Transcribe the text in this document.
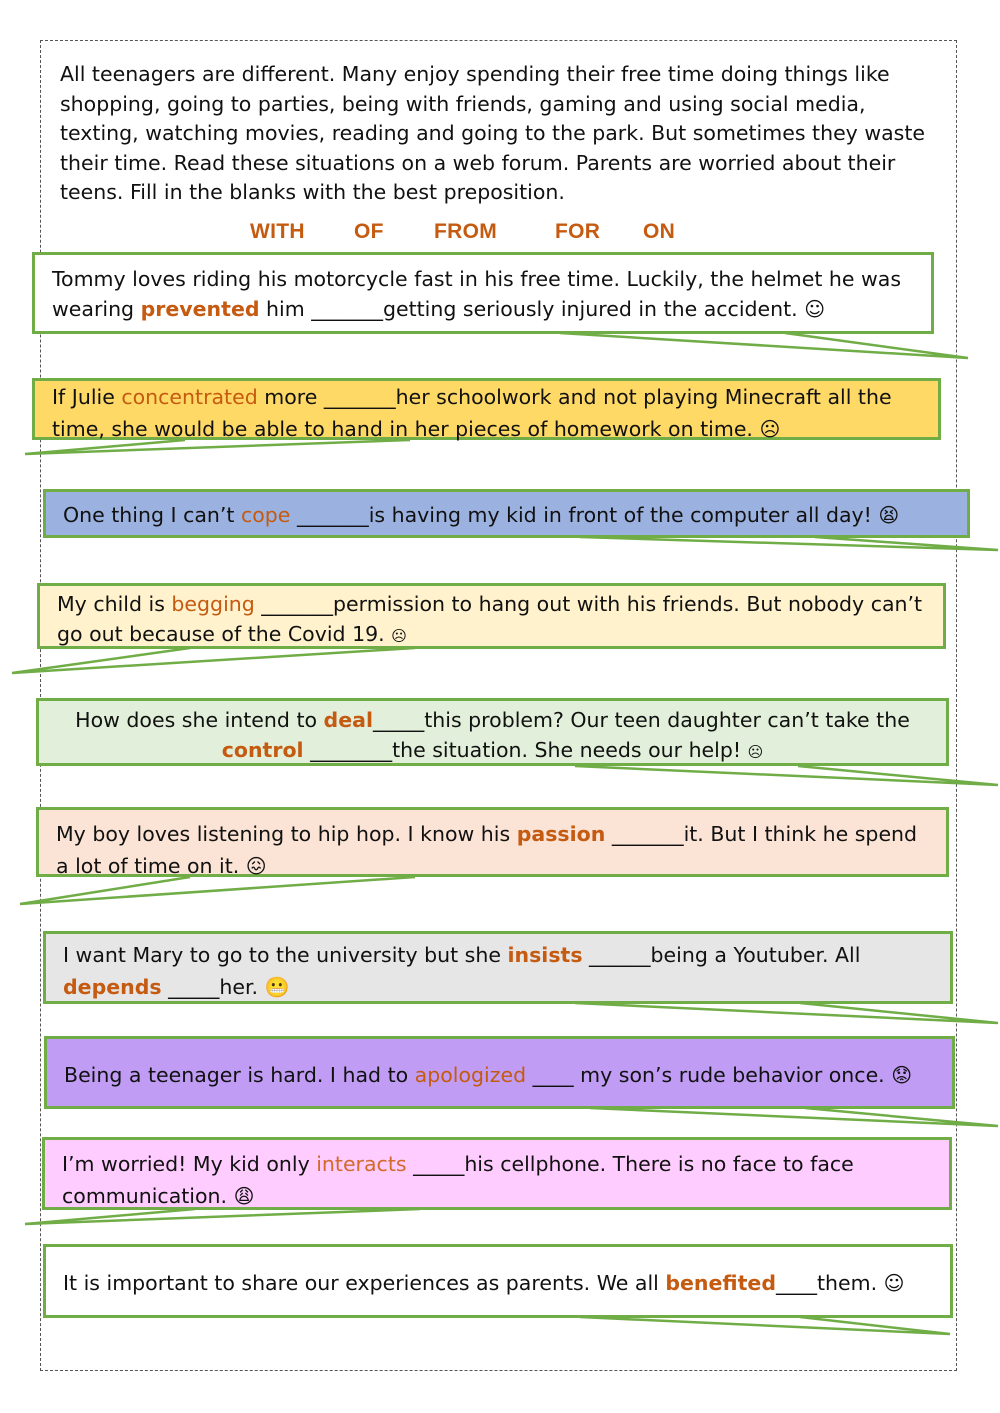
All teenagers are different. Many enjoy spending their free time doing things like shopping, going to parties, being with friends, gaming and using social media, texting, watching movies, reading and going to the park. But sometimes they waste their time. Read these situations on a web forum. Parents are worried about their teens. Fill in the blanks with the best preposition.

WITH OF FROM	FOR ON

Tommy loves riding his motorcycle fast in his free time. Luckily, the helmet he was wearing prevented him _______getting seriously injured in the accident. ☺

If Julie concentrated more _______her schoolwork and not playing Minecraft all the time, she would be able to hand in her pieces of homework on time. ☹

One thing I can’t cope _______is having my kid in front of the computer all day! 😫

My child is begging _______permission to hang out with his friends. But nobody can’t go out because of the Covid 19. ☹

How does she intend to deal_____this problem? Our teen daughter can’t take the control ________the situation. She needs our help! ☹

My boy loves listening to hip hop. I know his passion _______it. But I think he spend a lot of time on it. 😖

I want Mary to go to the university but she insists ______being a Youtuber. All depends _____her. 😬

Being a teenager is hard. I had to apologized ____ my son’s rude behavior once. 😟

I’m worried! My kid only interacts _____his cellphone. There is no face to face communication. 😩

It is important to share our experiences as parents. We all benefited____them. ☺
